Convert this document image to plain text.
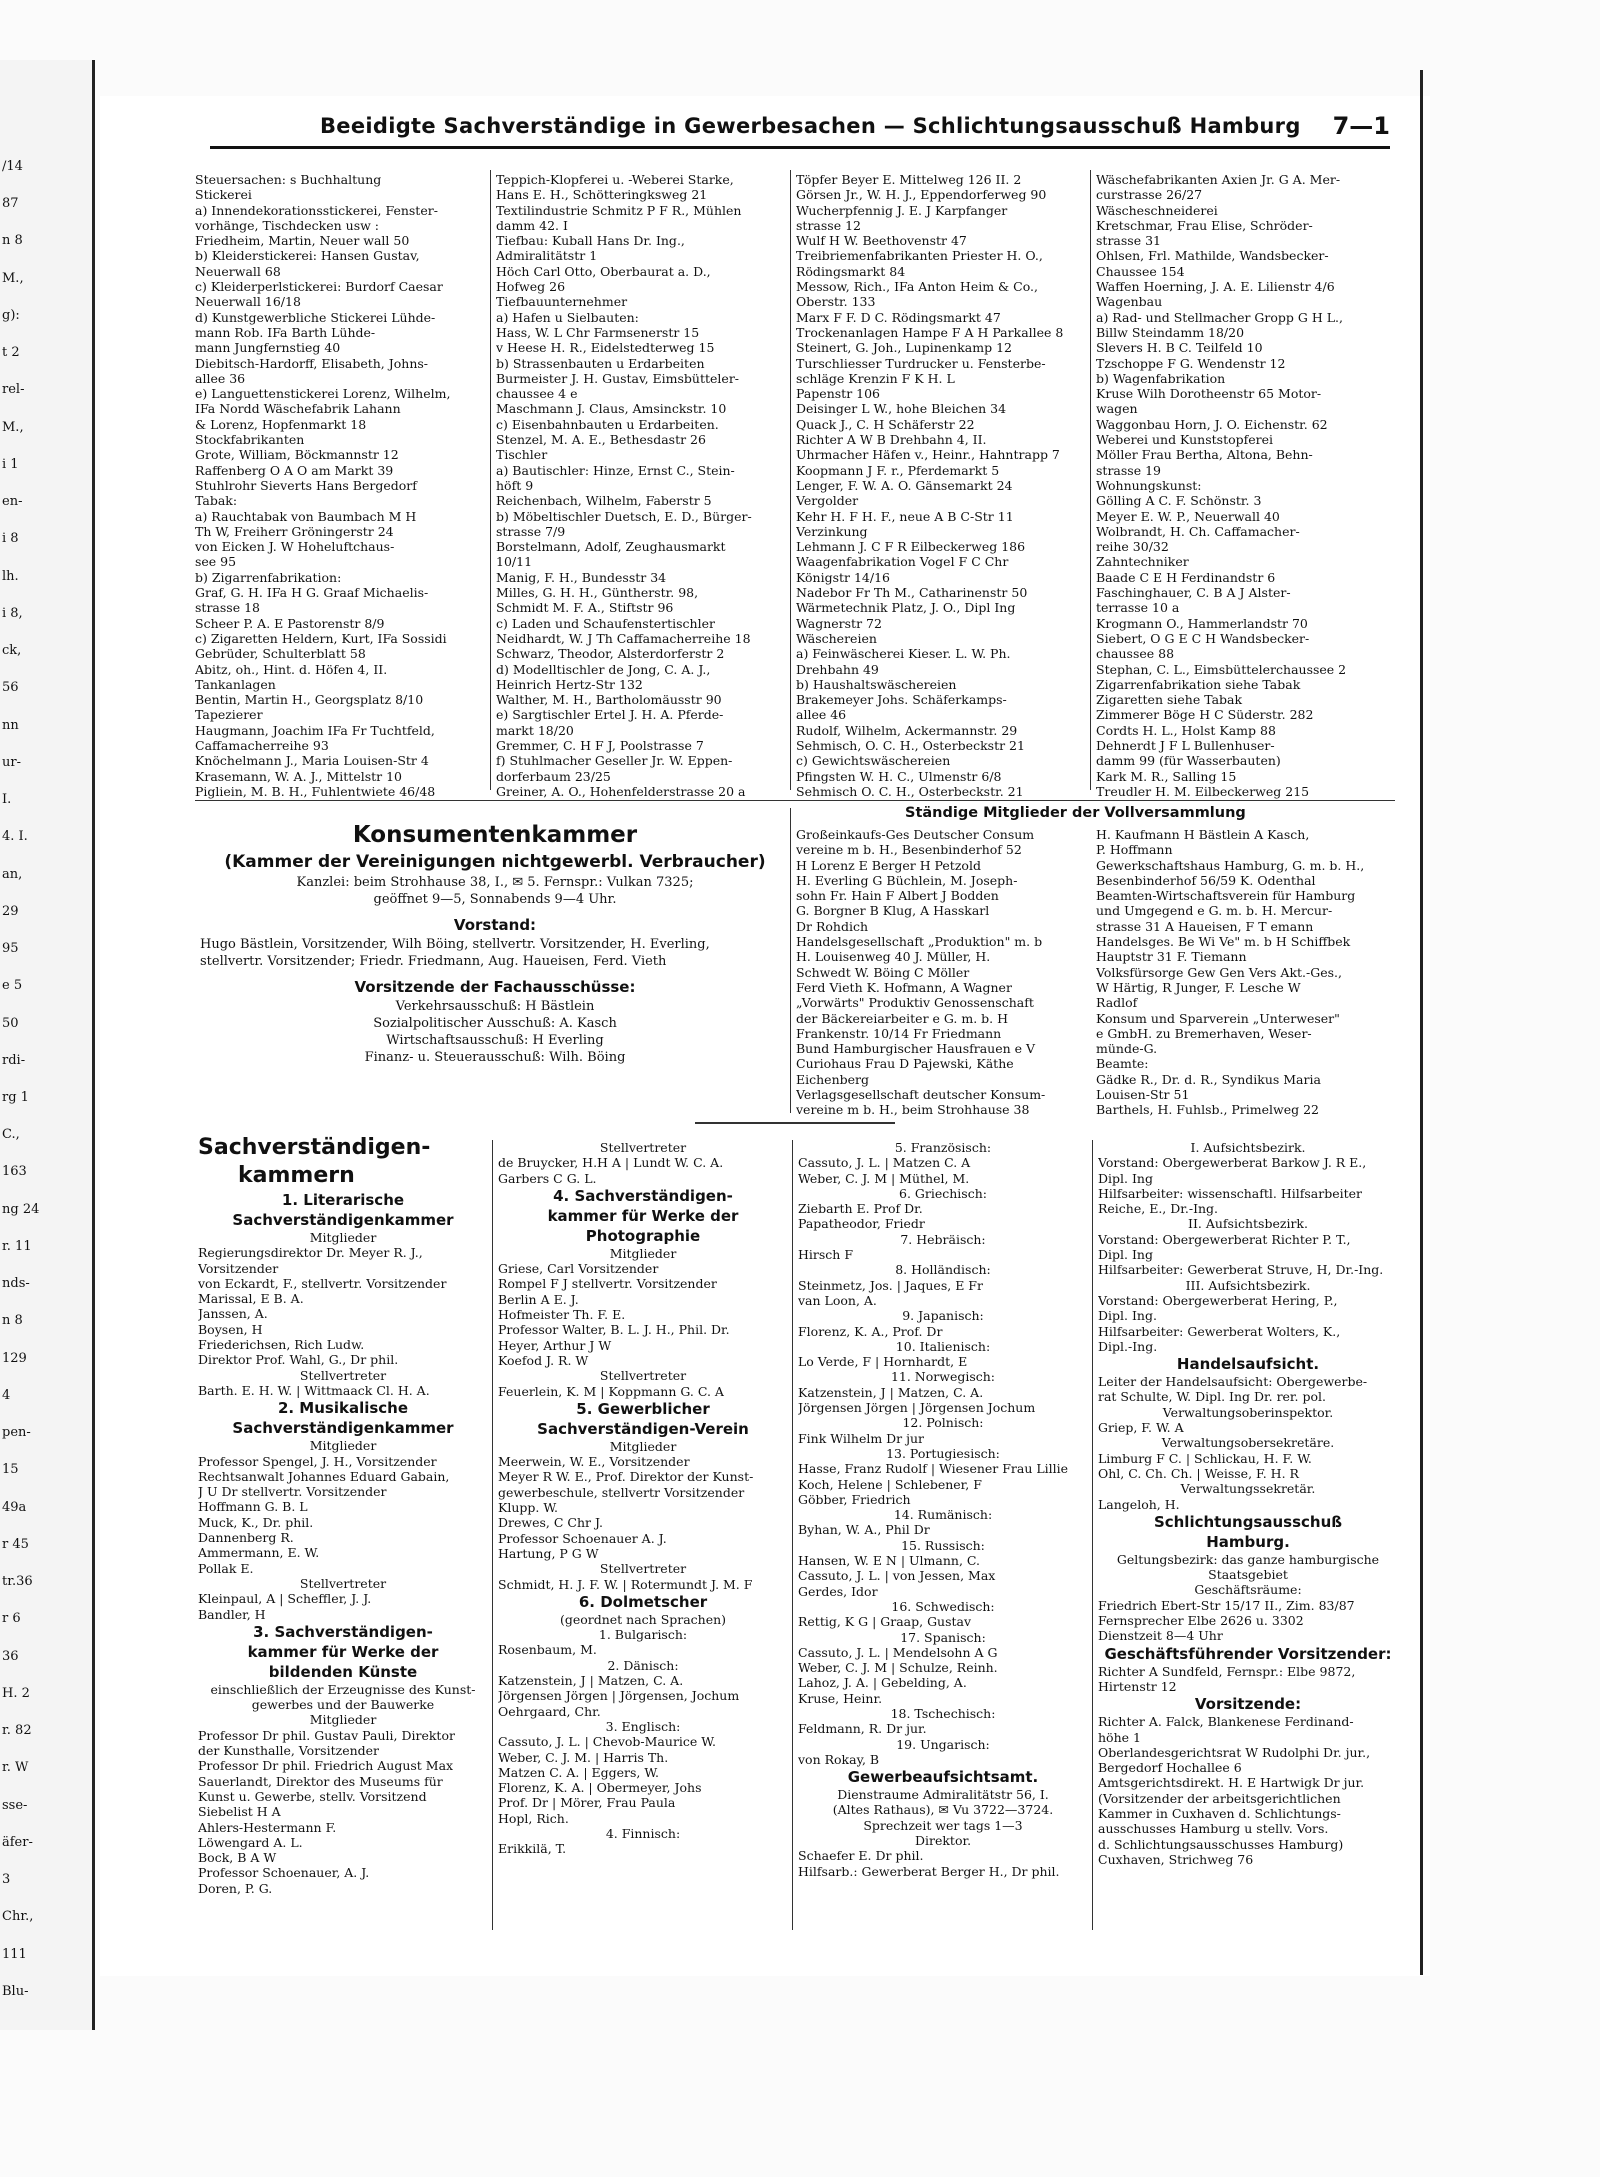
/14
87
n 8
M.,
g):
t 2
rel-
M.,
i 1
en-
i 8
lh.
i 8,
ck,
56
nn
ur-
I.
4. I.
an,
29
95
e 5
50
rdi-
rg 1
C.,
163
ng 24
r. 11
nds-
n 8
129
4
pen-
15
49a
r 45
tr.36
r 6
36
H. 2
r. 82
r. W
sse-
äfer-
3
Chr.,
111
Blu-
Beeidigte Sachverständige in Gewerbesachen — Schlichtungsausschuß Hamburg 7—1
Steuersachen: s Buchhaltung
Stickerei
a) Innendekorationsstickerei, Fenster-
vorhänge, Tischdecken usw :
Friedheim, Martin, Neuer wall 50
b) Kleiderstickerei: Hansen Gustav,
Neuerwall 68
c) Kleiderperlstickerei: Burdorf Caesar
Neuerwall 16/18
d) Kunstgewerbliche Stickerei Lühde-
mann Rob. IFa Barth Lühde-
mann Jungfernstieg 40
Diebitsch-Hardorff, Elisabeth, Johns-
allee 36
e) Languettenstickerei Lorenz, Wilhelm,
IFa Nordd Wäschefabrik Lahann
& Lorenz, Hopfenmarkt 18
Stockfabrikanten
Grote, William, Böckmannstr 12
Raffenberg O A O am Markt 39
Stuhlrohr Sieverts Hans Bergedorf
Tabak:
a) Rauchtabak von Baumbach M H
Th W, Freiherr Gröningerstr 24
von Eicken J. W Hoheluftchaus-
see 95
b) Zigarrenfabrikation:
Graf, G. H. IFa H G. Graaf Michaelis-
strasse 18
Scheer P. A. E Pastorenstr 8/9
c) Zigaretten Heldern, Kurt, IFa Sossidi
Gebrüder, Schulterblatt 58
Abitz, oh., Hint. d. Höfen 4, II.
Tankanlagen
Bentin, Martin H., Georgsplatz 8/10
Tapezierer
Haugmann, Joachim IFa Fr Tuchtfeld,
Caffamacherreihe 93
Knöchelmann J., Maria Louisen-Str 4
Krasemann, W. A. J., Mittelstr 10
Pigliein, M. B. H., Fuhlentwiete 46/48
Teppich-Klopferei u. -Weberei Starke,
Hans E. H., Schötteringksweg 21
Textilindustrie Schmitz P F R., Mühlen
damm 42. I
Tiefbau: Kuball Hans Dr. Ing.,
Admiralitätstr 1
Höch Carl Otto, Oberbaurat a. D.,
Hofweg 26
Tiefbauunternehmer
a) Hafen u Sielbauten:
Hass, W. L Chr Farmsenerstr 15
v Heese H. R., Eidelstedterweg 15
b) Strassenbauten u Erdarbeiten
Burmeister J. H. Gustav, Eimsbütteler-
chaussee 4 e
Maschmann J. Claus, Amsinckstr. 10
c) Eisenbahnbauten u Erdarbeiten.
Stenzel, M. A. E., Bethesdastr 26
Tischler
a) Bautischler: Hinze, Ernst C., Stein-
höft 9
Reichenbach, Wilhelm, Faberstr 5
b) Möbeltischler Duetsch, E. D., Bürger-
strasse 7/9
Borstelmann, Adolf, Zeughausmarkt
10/11
Manig, F. H., Bundesstr 34
Milles, G. H. H., Güntherstr. 98,
Schmidt M. F. A., Stiftstr 96
c) Laden und Schaufenstertischler
Neidhardt, W. J Th Caffamacherreihe 18
Schwarz, Theodor, Alsterdorferstr 2
d) Modelltischler de Jong, C. A. J.,
Heinrich Hertz-Str 132
Walther, M. H., Bartholomäusstr 90
e) Sargtischler Ertel J. H. A. Pferde-
markt 18/20
Gremmer, C. H F J, Poolstrasse 7
f) Stuhlmacher Geseller Jr. W. Eppen-
dorferbaum 23/25
Greiner, A. O., Hohenfelderstrasse 20 a
Töpfer Beyer E. Mittelweg 126 II. 2
Görsen Jr., W. H. J., Eppendorferweg 90
Wucherpfennig J. E. J Karpfanger
strasse 12
Wulf H W. Beethovenstr 47
Treibriemenfabrikanten Priester H. O.,
Rödingsmarkt 84
Messow, Rich., IFa Anton Heim & Co.,
Oberstr. 133
Marx F F. D C. Rödingsmarkt 47
Trockenanlagen Hampe F A H Parkallee 8
Steinert, G. Joh., Lupinenkamp 12
Turschliesser Turdrucker u. Fensterbe-
schläge Krenzin F K H. L
Papenstr 106
Deisinger L W., hohe Bleichen 34
Quack J., C. H Schäferstr 22
Richter A W B Drehbahn 4, II.
Uhrmacher Häfen v., Heinr., Hahntrapp 7
Koopmann J F. r., Pferdemarkt 5
Lenger, F. W. A. O. Gänsemarkt 24
Vergolder
Kehr H. F H. F., neue A B C-Str 11
Verzinkung
Lehmann J. C F R Eilbeckerweg 186
Waagenfabrikation Vogel F C Chr
Königstr 14/16
Nadebor Fr Th M., Catharinenstr 50
Wärmetechnik Platz, J. O., Dipl Ing
Wagnerstr 72
Wäschereien
a) Feinwäscherei Kieser. L. W. Ph.
Drehbahn 49
b) Haushaltswäschereien
Brakemeyer Johs. Schäferkamps-
allee 46
Rudolf, Wilhelm, Ackermannstr. 29
Sehmisch, O. C. H., Osterbeckstr 21
c) Gewichtswäschereien
Pfingsten W. H. C., Ulmenstr 6/8
Sehmisch O. C. H., Osterbeckstr. 21
Wäschefabrikanten Axien Jr. G A. Mer-
curstrasse 26/27
Wäscheschneiderei
Kretschmar, Frau Elise, Schröder-
strasse 31
Ohlsen, Frl. Mathilde, Wandsbecker-
Chaussee 154
Waffen Hoerning, J. A. E. Lilienstr 4/6
Wagenbau
a) Rad- und Stellmacher Gropp G H L.,
Billw Steindamm 18/20
Slevers H. B C. Teilfeld 10
Tzschoppe F G. Wendenstr 12
b) Wagenfabrikation
Kruse Wilh Dorotheenstr 65 Motor-
wagen
Waggonbau Horn, J. O. Eichenstr. 62
Weberei und Kunststopferei
Möller Frau Bertha, Altona, Behn-
strasse 19
Wohnungskunst:
Gölling A C. F. Schönstr. 3
Meyer E. W. P., Neuerwall 40
Wolbrandt, H. Ch. Caffamacher-
reihe 30/32
Zahntechniker
Baade C E H Ferdinandstr 6
Faschinghauer, C. B A J Alster-
terrasse 10 a
Krogmann O., Hammerlandstr 70
Siebert, O G E C H Wandsbecker-
chaussee 88
Stephan, C. L., Eimsbüttelerchaussee 2
Zigarrenfabrikation siehe Tabak
Zigaretten siehe Tabak
Zimmerer Böge H C Süderstr. 282
Cordts H. L., Holst Kamp 88
Dehnerdt J F L Bullenhuser-
damm 99 (für Wasserbauten)
Kark M. R., Salling 15
Treudler H. M. Eilbeckerweg 215
Konsumentenkammer
(Kammer der Vereinigungen nichtgewerbl. Verbraucher)
Kanzlei: beim Strohhause 38, I., ✉ 5. Fernspr.: Vulkan 7325;
geöffnet 9—5, Sonnabends 9—4 Uhr.
Vorstand:
Hugo Bästlein, Vorsitzender, Wilh Böing, stellvertr. Vorsitzender, H. Everling,
stellvertr. Vorsitzender; Friedr. Friedmann, Aug. Haueisen, Ferd. Vieth
Vorsitzende der Fachausschüsse:
Verkehrsausschuß: H Bästlein
Sozialpolitischer Ausschuß: A. Kasch
Wirtschaftsausschuß: H Everling
Finanz- u. Steuerausschuß: Wilh. Böing
Ständige Mitglieder der Vollversammlung
Großeinkaufs-Ges Deutscher Consum
vereine m b. H., Besenbinderhof 52
H Lorenz E Berger H Petzold
H. Everling G Büchlein, M. Joseph-
sohn Fr. Hain F Albert J Bodden
G. Borgner B Klug, A Hasskarl
Dr Rohdich
Handelsgesellschaft „Produktion" m. b
H. Louisenweg 40 J. Müller, H.
Schwedt W. Böing C Möller
Ferd Vieth K. Hofmann, A Wagner
„Vorwärts" Produktiv Genossenschaft
der Bäckereiarbeiter e G. m. b. H
Frankenstr. 10/14 Fr Friedmann
Bund Hamburgischer Hausfrauen e V
Curiohaus Frau D Pajewski, Käthe
Eichenberg
Verlagsgesellschaft deutscher Konsum-
vereine m b. H., beim Strohhause 38
H. Kaufmann H Bästlein A Kasch,
P. Hoffmann
Gewerkschaftshaus Hamburg, G. m. b. H.,
Besenbinderhof 56/59 K. Odenthal
Beamten-Wirtschaftsverein für Hamburg
und Umgegend e G. m. b. H. Mercur-
strasse 31 A Haueisen, F T emann
Handelsges. Be Wi Ve" m. b H Schiffbek
Hauptstr 31 F. Tiemann
Volksfürsorge Gew Gen Vers Akt.-Ges.,
W Härtig, R Junger, F. Lesche W
Radlof
Konsum und Sparverein „Unterweser"
e GmbH. zu Bremerhaven, Weser-
münde-G.
Beamte:
Gädke R., Dr. d. R., Syndikus Maria
Louisen-Str 51
Barthels, H. Fuhlsb., Primelweg 22
Sachverständigen-
kammern
1. Literarische
Sachverständigenkammer
Mitglieder
Regierungsdirektor Dr. Meyer R. J.,
Vorsitzender
von Eckardt, F., stellvertr. Vorsitzender
Marissal, E B. A.
Janssen, A.
Boysen, H
Friederichsen, Rich Ludw.
Direktor Prof. Wahl, G., Dr phil.
Stellvertreter
Barth. E. H. W. | Wittmaack Cl. H. A.
2. Musikalische
Sachverständigenkammer
Mitglieder
Professor Spengel, J. H., Vorsitzender
Rechtsanwalt Johannes Eduard Gabain,
J U Dr stellvertr. Vorsitzender
Hoffmann G. B. L
Muck, K., Dr. phil.
Dannenberg R.
Ammermann, E. W.
Pollak E.
Stellvertreter
Kleinpaul, A | Scheffler, J. J.
Bandler, H
3. Sachverständigen-
kammer für Werke der
bildenden Künste
einschließlich der Erzeugnisse des Kunst-
gewerbes und der Bauwerke
Mitglieder
Professor Dr phil. Gustav Pauli, Direktor
der Kunsthalle, Vorsitzender
Professor Dr phil. Friedrich August Max
Sauerlandt, Direktor des Museums für
Kunst u. Gewerbe, stellv. Vorsitzend
Siebelist H A
Ahlers-Hestermann F.
Löwengard A. L.
Bock, B A W
Professor Schoenauer, A. J.
Doren, P. G.
Stellvertreter
de Bruycker, H.H A | Lundt W. C. A.
Garbers C G. L.
4. Sachverständigen-
kammer für Werke der
Photographie
Mitglieder
Griese, Carl Vorsitzender
Rompel F J stellvertr. Vorsitzender
Berlin A E. J.
Hofmeister Th. F. E.
Professor Walter, B. L. J. H., Phil. Dr.
Heyer, Arthur J W
Koefod J. R. W
Stellvertreter
Feuerlein, K. M | Koppmann G. C. A
5. Gewerblicher
Sachverständigen-Verein
Mitglieder
Meerwein, W. E., Vorsitzender
Meyer R W. E., Prof. Direktor der Kunst-
gewerbeschule, stellvertr Vorsitzender
Klupp. W.
Drewes, C Chr J.
Professor Schoenauer A. J.
Hartung, P G W
Stellvertreter
Schmidt, H. J. F. W. | Rotermundt J. M. F
6. Dolmetscher
(geordnet nach Sprachen)
1. Bulgarisch:
Rosenbaum, M.
2. Dänisch:
Katzenstein, J | Matzen, C. A.
Jörgensen Jörgen | Jörgensen, Jochum
Oehrgaard, Chr.
3. Englisch:
Cassuto, J. L. | Chevob-Maurice W.
Weber, C. J. M. | Harris Th.
Matzen C. A. | Eggers, W.
Florenz, K. A. | Obermeyer, Johs
Prof. Dr | Mörer, Frau Paula
Hopl, Rich.
4. Finnisch:
Erikkilä, T.
5. Französisch:
Cassuto, J. L. | Matzen C. A
Weber, C. J. M | Müthel, M.
6. Griechisch:
Ziebarth E. Prof Dr.
Papatheodor, Friedr
7. Hebräisch:
Hirsch F
8. Holländisch:
Steinmetz, Jos. | Jaques, E Fr
van Loon, A.
9. Japanisch:
Florenz, K. A., Prof. Dr
10. Italienisch:
Lo Verde, F | Hornhardt, E
11. Norwegisch:
Katzenstein, J | Matzen, C. A.
Jörgensen Jörgen | Jörgensen Jochum
12. Polnisch:
Fink Wilhelm Dr jur
13. Portugiesisch:
Hasse, Franz Rudolf | Wiesener Frau Lillie
Koch, Helene | Schlebener, F
Göbber, Friedrich
14. Rumänisch:
Byhan, W. A., Phil Dr
15. Russisch:
Hansen, W. E N | Ulmann, C.
Cassuto, J. L. | von Jessen, Max
Gerdes, Idor
16. Schwedisch:
Rettig, K G | Graap, Gustav
17. Spanisch:
Cassuto, J. L. | Mendelsohn A G
Weber, C. J. M | Schulze, Reinh.
Lahoz, J. A. | Gebelding, A.
Kruse, Heinr.
18. Tschechisch:
Feldmann, R. Dr jur.
19. Ungarisch:
von Rokay, B
Gewerbeaufsichtsamt.
Dienstraume Admiralitätstr 56, I.
(Altes Rathaus), ✉ Vu 3722—3724.
Sprechzeit wer tags 1—3
Direktor.
Schaefer E. Dr phil.
Hilfsarb.: Gewerberat Berger H., Dr phil.
I. Aufsichtsbezirk.
Vorstand: Obergewerberat Barkow J. R E.,
Dipl. Ing
Hilfsarbeiter: wissenschaftl. Hilfsarbeiter
Reiche, E., Dr.-Ing.
II. Aufsichtsbezirk.
Vorstand: Obergewerberat Richter P. T.,
Dipl. Ing
Hilfsarbeiter: Gewerberat Struve, H, Dr.-Ing.
III. Aufsichtsbezirk.
Vorstand: Obergewerberat Hering, P.,
Dipl. Ing.
Hilfsarbeiter: Gewerberat Wolters, K.,
Dipl.-Ing.
Handelsaufsicht.
Leiter der Handelsaufsicht: Obergewerbe-
rat Schulte, W. Dipl. Ing Dr. rer. pol.
Verwaltungsoberinspektor.
Griep, F. W. A
Verwaltungsobersekretäre.
Limburg F C. | Schlickau, H. F. W.
Ohl, C. Ch. Ch. | Weisse, F. H. R
Verwaltungssekretär.
Langeloh, H.
Schlichtungsausschuß
Hamburg.
Geltungsbezirk: das ganze hamburgische
Staatsgebiet
Geschäftsräume:
Friedrich Ebert-Str 15/17 II., Zim. 83/87
Fernsprecher Elbe 2626 u. 3302
Dienstzeit 8—4 Uhr
Geschäftsführender Vorsitzender:
Richter A Sundfeld, Fernspr.: Elbe 9872,
Hirtenstr 12
Vorsitzende:
Richter A. Falck, Blankenese Ferdinand-
höhe 1
Oberlandesgerichtsrat W Rudolphi Dr. jur.,
Bergedorf Hochallee 6
Amtsgerichtsdirekt. H. E Hartwigk Dr jur.
(Vorsitzender der arbeitsgerichtlichen
Kammer in Cuxhaven d. Schlichtungs-
ausschusses Hamburg u stellv. Vors.
d. Schlichtungsausschusses Hamburg)
Cuxhaven, Strichweg 76
